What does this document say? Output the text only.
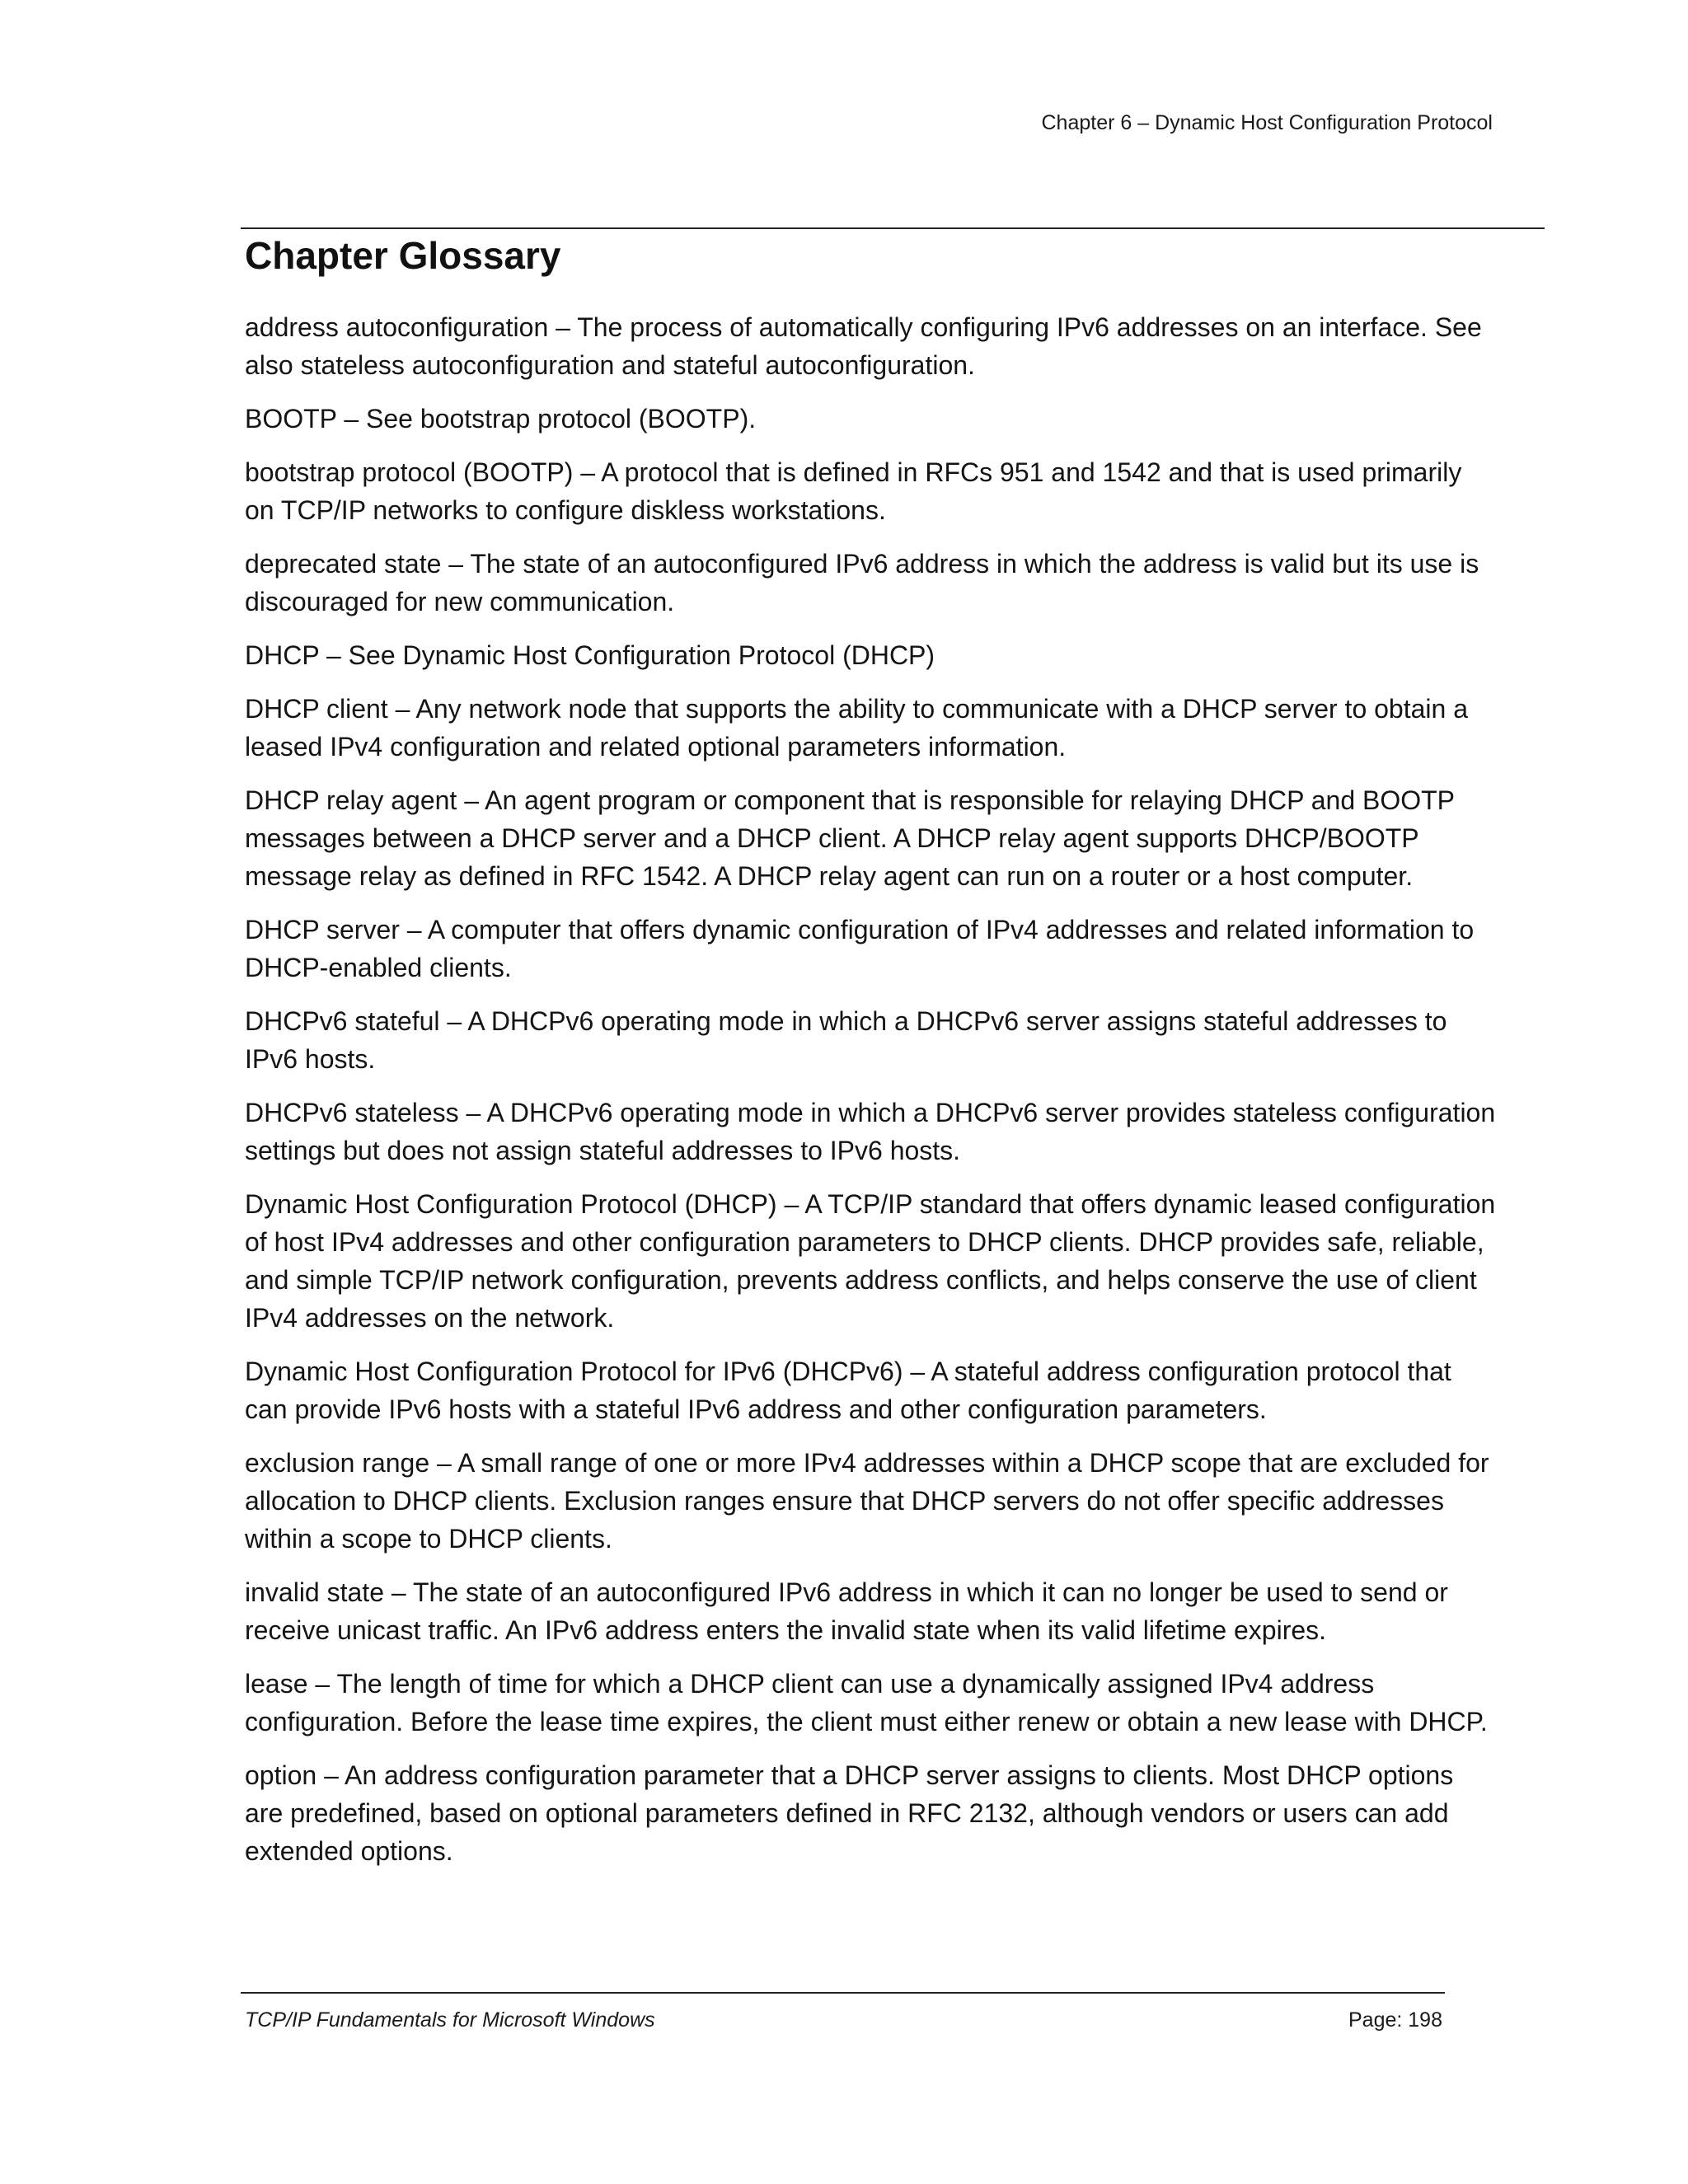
Chapter 6 – Dynamic Host Configuration Protocol
Chapter Glossary
address autoconfiguration – The process of automatically configuring IPv6 addresses on an interface. See also stateless autoconfiguration and stateful autoconfiguration.
BOOTP – See bootstrap protocol (BOOTP).
bootstrap protocol (BOOTP) – A protocol that is defined in RFCs 951 and 1542 and that is used primarily on TCP/IP networks to configure diskless workstations.
deprecated state – The state of an autoconfigured IPv6 address in which the address is valid but its use is discouraged for new communication.
DHCP – See Dynamic Host Configuration Protocol (DHCP)
DHCP client – Any network node that supports the ability to communicate with a DHCP server to obtain a leased IPv4 configuration and related optional parameters information.
DHCP relay agent – An agent program or component that is responsible for relaying DHCP and BOOTP messages between a DHCP server and a DHCP client. A DHCP relay agent supports DHCP/BOOTP message relay as defined in RFC 1542. A DHCP relay agent can run on a router or a host computer.
DHCP server – A computer that offers dynamic configuration of IPv4 addresses and related information to DHCP-enabled clients.
DHCPv6 stateful – A DHCPv6 operating mode in which a DHCPv6 server assigns stateful addresses to IPv6 hosts.
DHCPv6 stateless – A DHCPv6 operating mode in which a DHCPv6 server provides stateless configuration settings but does not assign stateful addresses to IPv6 hosts.
Dynamic Host Configuration Protocol (DHCP) – A TCP/IP standard that offers dynamic leased configuration of host IPv4 addresses and other configuration parameters to DHCP clients. DHCP provides safe, reliable, and simple TCP/IP network configuration, prevents address conflicts, and helps conserve the use of client IPv4 addresses on the network.
Dynamic Host Configuration Protocol for IPv6 (DHCPv6) – A stateful address configuration protocol that can provide IPv6 hosts with a stateful IPv6 address and other configuration parameters.
exclusion range – A small range of one or more IPv4 addresses within a DHCP scope that are excluded for allocation to DHCP clients. Exclusion ranges ensure that DHCP servers do not offer specific addresses within a scope to DHCP clients.
invalid state – The state of an autoconfigured IPv6 address in which it can no longer be used to send or receive unicast traffic. An IPv6 address enters the invalid state when its valid lifetime expires.
lease – The length of time for which a DHCP client can use a dynamically assigned IPv4 address configuration. Before the lease time expires, the client must either renew or obtain a new lease with DHCP.
option – An address configuration parameter that a DHCP server assigns to clients. Most DHCP options are predefined, based on optional parameters defined in RFC 2132, although vendors or users can add extended options.
TCP/IP Fundamentals for Microsoft Windows	Page: 198
